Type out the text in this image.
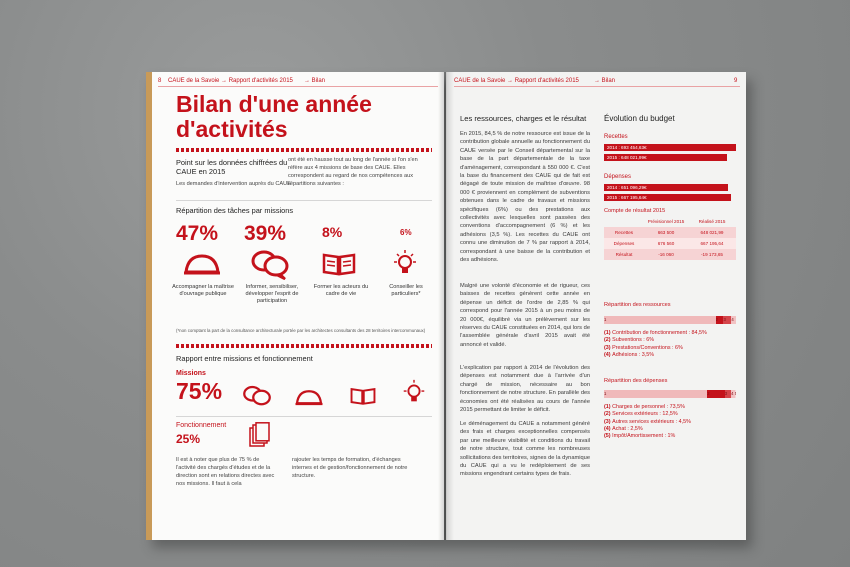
8 CAUE de la Savoie → Rapport d'activités 2015 → Bilan
Bilan d'une année
d'activités
Point sur les données chiffrées du CAUE en 2015
Les demandes d'intervention auprès du CAUE
ont été en hausse tout au long de l'année si l'on s'en réfère aux 4 missions de base des CAUE. Elles correspondent au regard de nos compétences aux répartitions suivantes :
Répartition des tâches par missions
47% 39%	8%	6%
Accompagner la maîtrise d'ouvrage publique
Informer, sensibiliser, développer l'esprit de participation
Former les acteurs du cadre de vie
Conseiller les particuliers*
(*non comptant la part de la consultance architecturale portée par les architectes consultants des 28 territoires intercommunaux)
Rapport entre missions et fonctionnement
Missions
75%
Fonctionnement
25%
Il est à noter que plus de 75 % de l'activité des chargés d'études et de la direction sont en relations directes avec nos missions. Il faut à cela
rajouter les temps de formation, d'échanges internes et de gestion/fonctionnement de notre structure.
CAUE de la Savoie → Rapport d'activités 2015	→ Bilan	9
Les ressources, charges et le résultat
En 2015, 84,5 % de notre ressource est issue de la contribution globale annuelle au fonctionnement du CAUE versée par le Conseil départemental sur la base de la part départementale de la taxe d'aménagement, correspondant à 550 000 €. C'est la base du financement des CAUE qui de fait est dégagé de toute mission de maîtrise d'œuvre. 98 000 € proviennent en complément de subventions obtenues dans le cadre de travaux et missions spécifiques (6%) ou des prestations aux collectivités avec lesquelles sont passées des conventions d'accompagnement (6 %) et les adhésions (3,5 %). Les recettes du CAUE ont connu une diminution de 7 % par rapport à 2014, correspondant à une baisse de la contribution et des adhésions.
Malgré une volonté d'économie et de rigueur, ces baisses de recettes génèrent cette année en dépense un déficit de l'ordre de 2,85 % qui correspond pour l'année 2015 à un peu moins de 20 000€, équilibré via un prélèvement sur les réserves du CAUE constituées en 2014, qui lors de l'assemblée générale d'avril 2015 avait été annoncé et validé.
L'explication par rapport à 2014 de l'évolution des dépenses est notamment due à l'arrivée d'un chargé de mission, nécessaire au bon fonctionnement de notre structure. En parallèle des économies ont été réalisées au cours de l'année 2015 permettant de limiter le déficit.
Le déménagement du CAUE a notamment généré des frais et charges exceptionnelles compensés par une meilleure visibilité et conditions du travail de notre structure, tout comme les nombreuses sollicitations des territoires, signes de la dynamique du CAUE qui a vu le redéploiement de ses missions engendrant certains types de frais.
Évolution du budget
Recettes
2014 : 693 454,63€
2015 : 648 021,99€
Dépenses
2014 : 651 096,29€
2015 : 667 195,64€
Compte de résultat 2015
	Prévisionnel 2015	Réalisé 2015
Recettes	663 500	648 021,99
Dépenses	676 560	667 195,64
Résultat	-16 060	-19 173,65
Répartition des ressources
1	2	3	4
(1) Contribution de fonctionnement : 84,5%
(2) Subventions : 6%
(3) Prestations/Conventions : 6%
(4) Adhésions : 3,5%
Répartition des dépenses
1	2	3 4 5
(1) Charges de personnel : 73,5%
(2) Services extérieurs : 12,5%
(3) Autres services extérieurs : 4,5%
(4) Achat : 2,5%
(5) Impôt/Amortissement : 1%
